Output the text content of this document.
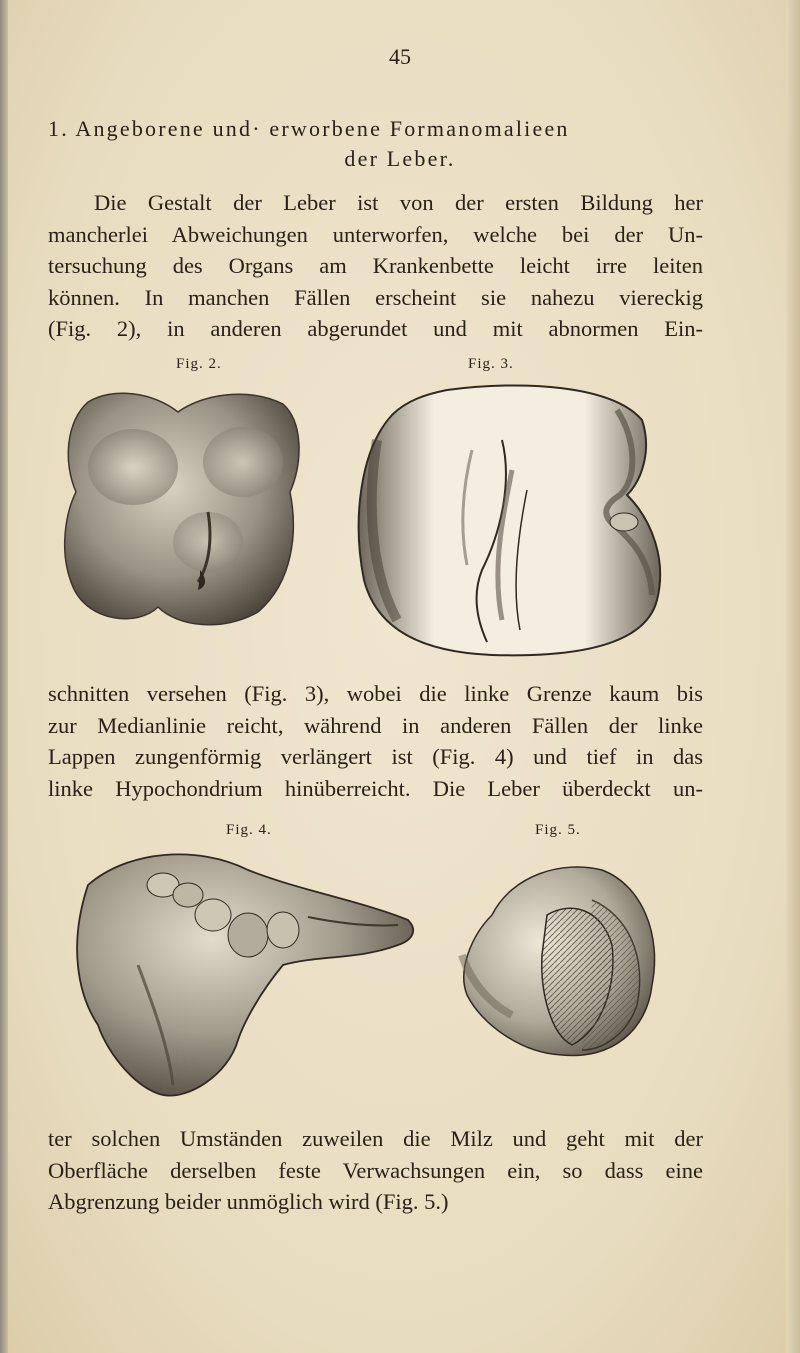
45
1. Angeborene und· erworbene Formanomalieen
der Leber.
Die Gestalt der Leber ist von der ersten Bildung her
mancherlei Abweichungen unterworfen, welche bei der Un-
tersuchung des Organs am Krankenbette leicht irre leiten
können. In manchen Fällen erscheint sie nahezu viereckig
(Fig. 2), in anderen abgerundet und mit abnormen Ein-
Fig. 2.	Fig. 3.
schnitten versehen (Fig. 3), wobei die linke Grenze kaum bis
zur Medianlinie reicht, während in anderen Fällen der linke
Lappen zungenförmig verlängert ist (Fig. 4) und tief in das
linke Hypochondrium hinüberreicht. Die Leber überdeckt un-
Fig. 4.	Fig. 5.
ter solchen Umständen zuweilen die Milz und geht mit der
Oberfläche derselben feste Verwachsungen ein, so dass eine
Abgrenzung beider unmöglich wird (Fig. 5.)
